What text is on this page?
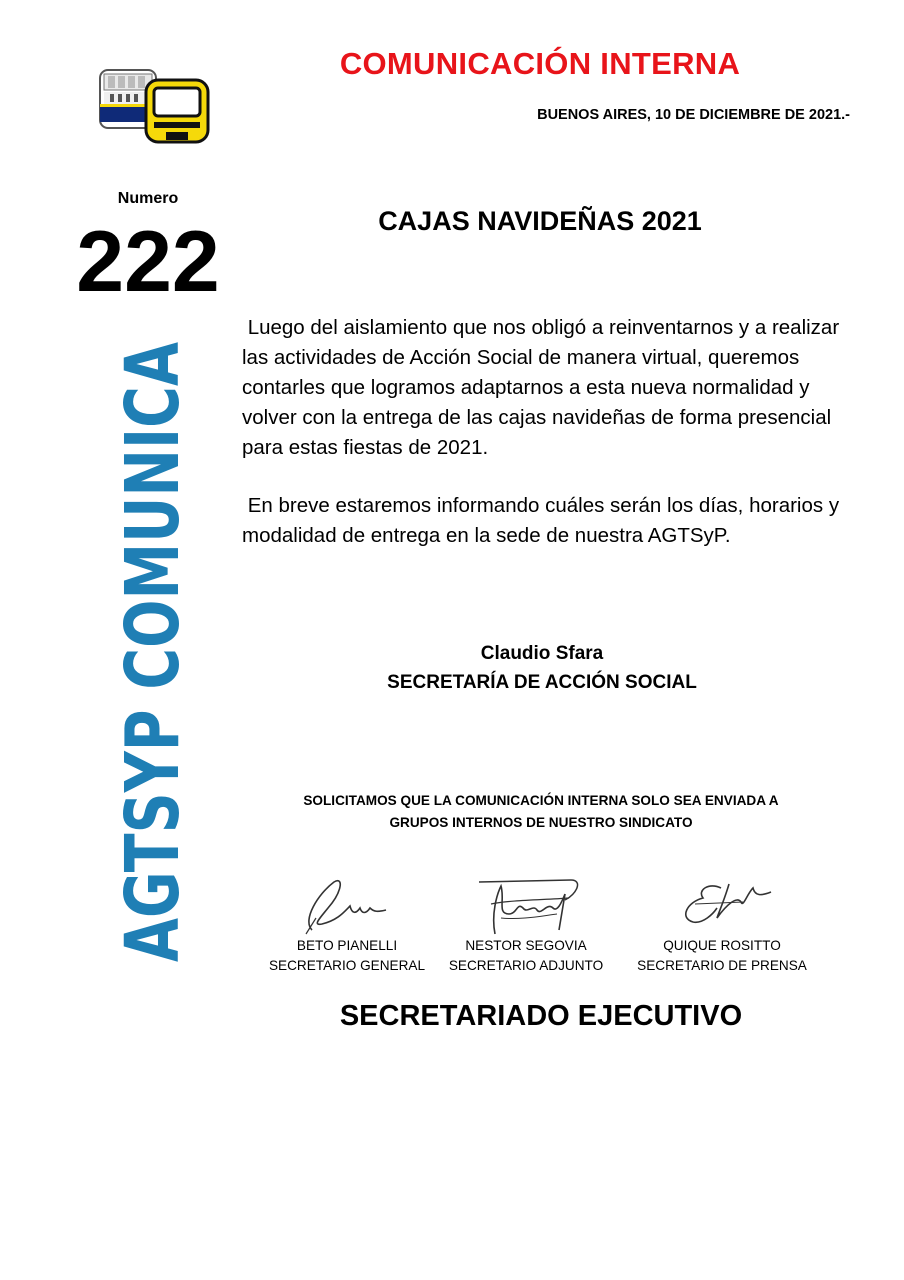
COMUNICACIÓN INTERNA
BUENOS AIRES, 10 DE DICIEMBRE DE 2021.-
Numero
222
AGTSYP COMUNICA
CAJAS NAVIDEÑAS 2021
Luego del aislamiento que nos obligó a reinventarnos y a realizar las actividades de Acción Social de manera virtual, queremos contarles que logramos adaptarnos a esta nueva normalidad y volver con la entrega de las cajas navideñas de forma presencial para estas fiestas de 2021.
En breve estaremos informando cuáles serán los días, horarios y modalidad de entrega en la sede de nuestra AGTSyP.
Claudio Sfara
SECRETARÍA DE ACCIÓN SOCIAL
SOLICITAMOS QUE LA COMUNICACIÓN INTERNA SOLO SEA ENVIADA A
GRUPOS INTERNOS DE NUESTRO SINDICATO
BETO PIANELLI
SECRETARIO GENERAL
NESTOR SEGOVIA
SECRETARIO ADJUNTO
QUIQUE ROSITTO
SECRETARIO DE PRENSA
SECRETARIADO EJECUTIVO
